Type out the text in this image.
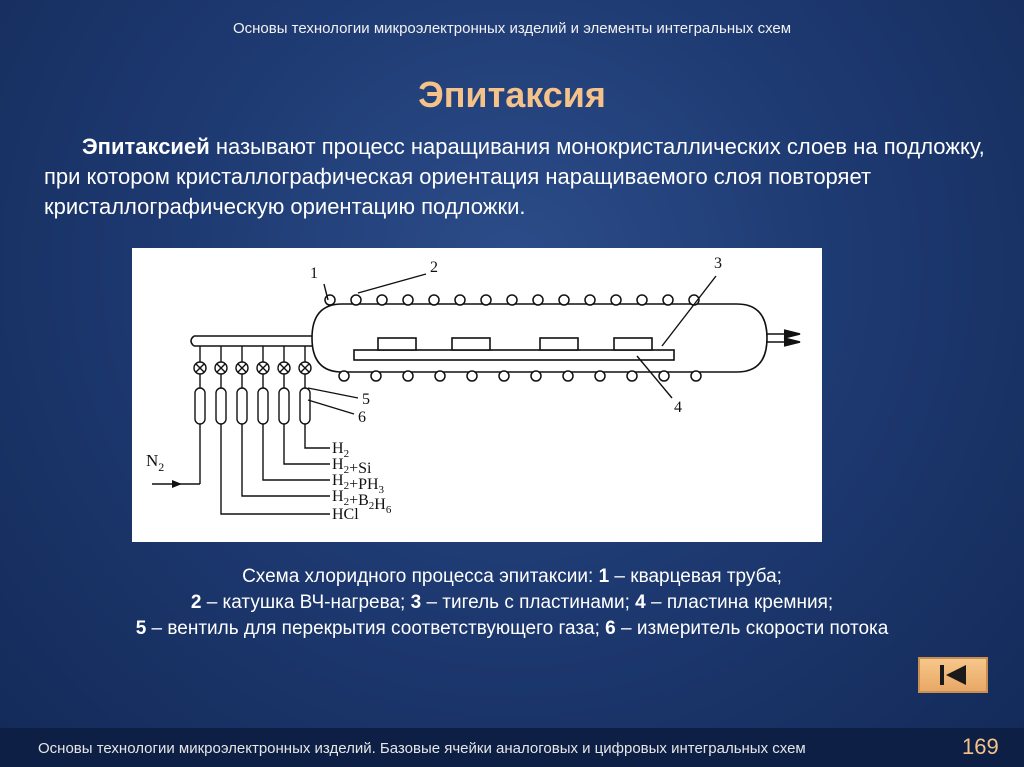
Основы технологии микроэлектронных изделий и элементы интегральных схем
Эпитаксия
Эпитаксией называют процесс наращивания монокристаллических слоев на подложку, при котором кристаллографическая ориентация наращиваемого слоя повторяет кристаллографическую ориентацию подложки.
1	2	3
4
5
6
$N_2$
$H_2$
$H_2+Si$
$H_2+PH_3$
$H_2+B_2H_6$
HCl
Схема хлоридного процесса эпитаксии: 1 – кварцевая труба;
2 – катушка ВЧ-нагрева; 3 – тигель с пластинами; 4 – пластина кремния;
5 – вентиль для перекрытия соответствующего газа; 6 – измеритель скорости потока
Основы технологии микроэлектронных изделий. Базовые ячейки аналоговых и цифровых интегральных схем	169
